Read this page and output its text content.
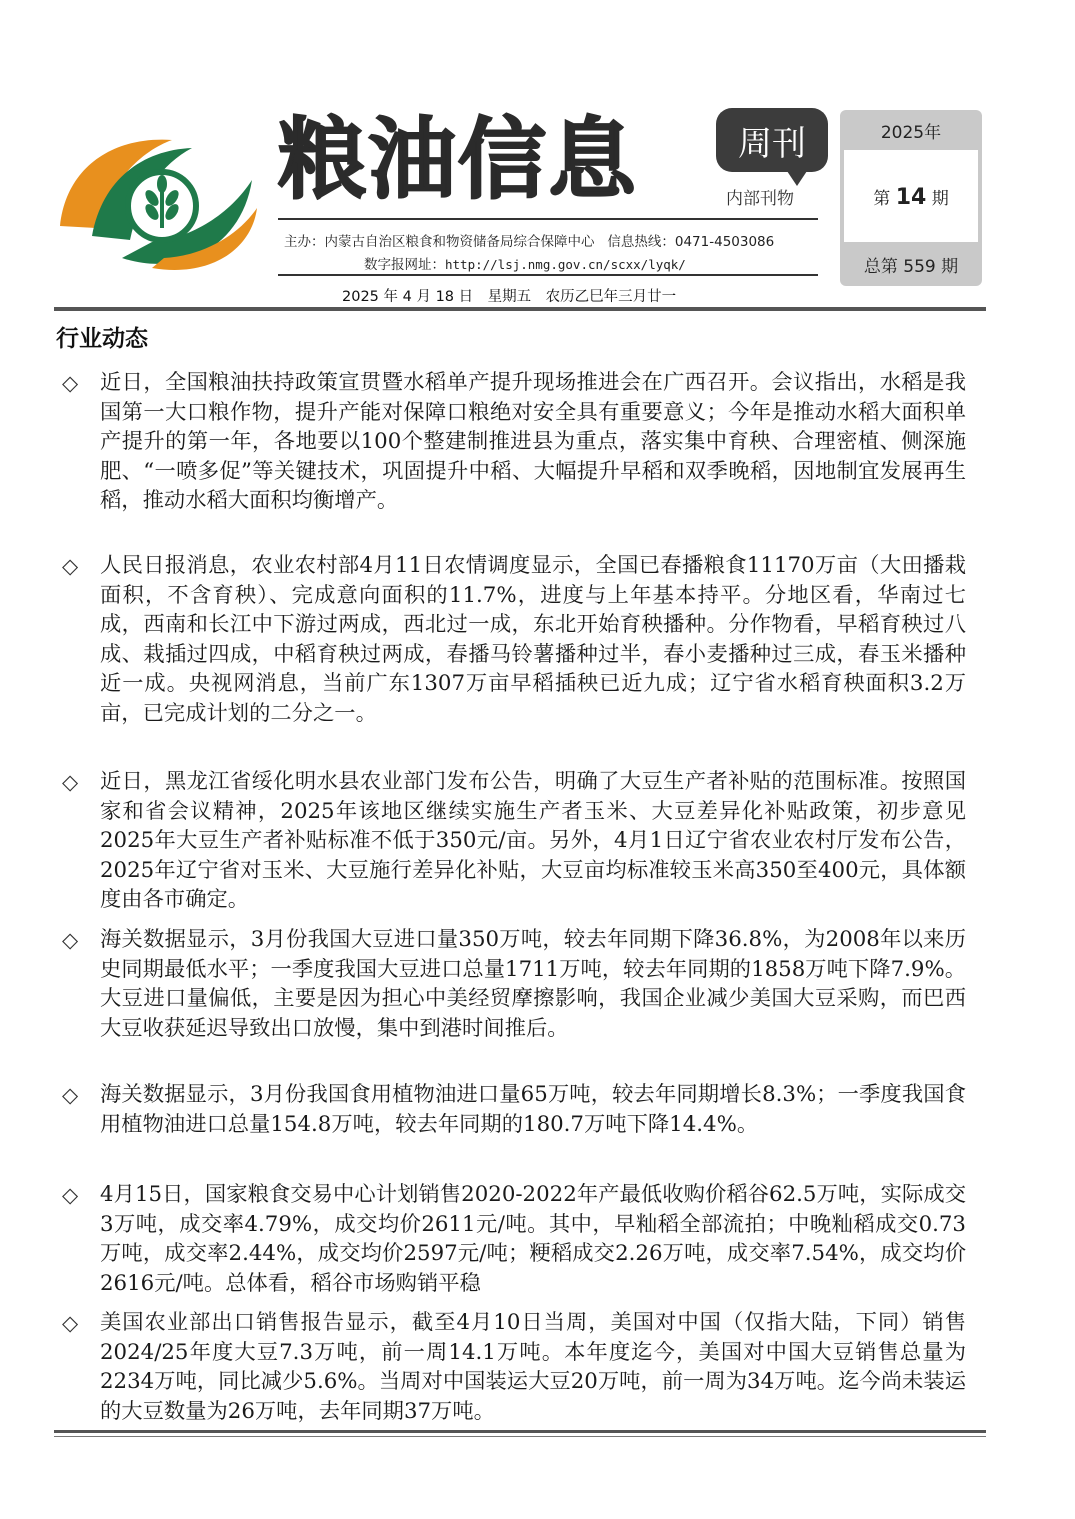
粮油信息	周刊
内部刊物
主办：内蒙古自治区粮食和物资储备局综合保障中心 信息热线：0471-4503086
数字报网址：http://lsj.nmg.gov.cn/scxx/lyqk/
2025年
第 14 期
总第 559 期
2025 年 4 月 18 日　星期五　农历乙巳年三月廿一
行业动态
◇ 近日，全国粮油扶持政策宣贯暨水稻单产提升现场推进会在广西召开。会议指出，水稻是我国第一大口粮作物，提升产能对保障口粮绝对安全具有重要意义；今年是推动水稻大面积单产提升的第一年，各地要以100个整建制推进县为重点，落实集中育秧、合理密植、侧深施肥、“一喷多促”等关键技术，巩固提升中稻、大幅提升早稻和双季晚稻，因地制宜发展再生稻，推动水稻大面积均衡增产。
◇ 人民日报消息，农业农村部4月11日农情调度显示，全国已春播粮食11170万亩（大田播栽面积，不含育秧）、完成意向面积的11.7%，进度与上年基本持平。分地区看，华南过七成，西南和长江中下游过两成，西北过一成，东北开始育秧播种。分作物看，早稻育秧过八成、栽插过四成，中稻育秧过两成，春播马铃薯播种过半，春小麦播种过三成，春玉米播种近一成。央视网消息，当前广东1307万亩早稻插秧已近九成；辽宁省水稻育秧面积3.2万亩，已完成计划的二分之一。
◇ 近日，黑龙江省绥化明水县农业部门发布公告，明确了大豆生产者补贴的范围标准。按照国家和省会议精神，2025年该地区继续实施生产者玉米、大豆差异化补贴政策，初步意见2025年大豆生产者补贴标准不低于350元/亩。另外，4月1日辽宁省农业农村厅发布公告，2025年辽宁省对玉米、大豆施行差异化补贴，大豆亩均标准较玉米高350至400元，具体额度由各市确定。
◇ 海关数据显示，3月份我国大豆进口量350万吨，较去年同期下降36.8%，为2008年以来历史同期最低水平；一季度我国大豆进口总量1711万吨，较去年同期的1858万吨下降7.9%。大豆进口量偏低，主要是因为担心中美经贸摩擦影响，我国企业减少美国大豆采购，而巴西大豆收获延迟导致出口放慢，集中到港时间推后。
◇ 海关数据显示，3月份我国食用植物油进口量65万吨，较去年同期增长8.3%；一季度我国食用植物油进口总量154.8万吨，较去年同期的180.7万吨下降14.4%。
◇ 4月15日，国家粮食交易中心计划销售2020-2022年产最低收购价稻谷62.5万吨，实际成交3万吨，成交率4.79%，成交均价2611元/吨。其中，早籼稻全部流拍；中晚籼稻成交0.73万吨，成交率2.44%，成交均价2597元/吨；粳稻成交2.26万吨，成交率7.54%，成交均价2616元/吨。总体看，稻谷市场购销平稳
◇ 美国农业部出口销售报告显示，截至4月10日当周，美国对中国（仅指大陆，下同）销售2024/25年度大豆7.3万吨，前一周14.1万吨。本年度迄今，美国对中国大豆销售总量为2234万吨，同比减少5.6%。当周对中国装运大豆20万吨，前一周为34万吨。迄今尚未装运的大豆数量为26万吨，去年同期37万吨。
